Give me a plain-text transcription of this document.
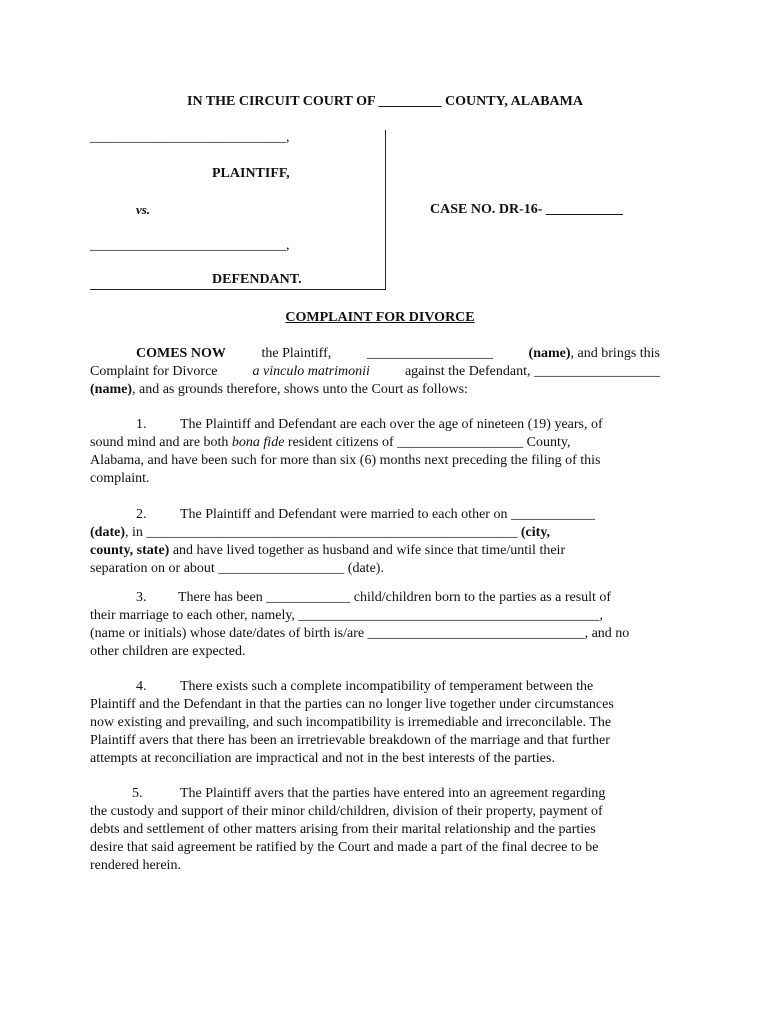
IN THE CIRCUIT COURT OF _________ COUNTY, ALABAMA
____________________________,
PLAINTIFF,
vs.
____________________________,
DEFENDANT.
CASE NO. DR-16- ___________
COMPLAINT FOR DIVORCE
COMES NOW	the Plaintiff,	__________________	(name), and brings this
Complaint for Divorce a vinculo matrimonii against the Defendant, __________________
(name), and as grounds therefore, shows unto the Court as follows:
1. The Plaintiff and Defendant are each over the age of nineteen (19) years, of
sound mind and are both bona fide resident citizens of __________________ County,
Alabama, and have been such for more than six (6) months next preceding the filing of this
complaint.
2. The Plaintiff and Defendant were married to each other on ____________
(date), in _____________________________________________________ (city,
county, state) and have lived together as husband and wife since that time/until their
separation on or about __________________ (date).
3. There has been ____________ child/children born to the parties as a result of
their marriage to each other, namely, ___________________________________________,
(name or initials) whose date/dates of birth is/are _______________________________, and no
other children are expected.
4. There exists such a complete incompatibility of temperament between the
Plaintiff and the Defendant in that the parties can no longer live together under circumstances
now existing and prevailing, and such incompatibility is irremediable and irreconcilable. The
Plaintiff avers that there has been an irretrievable breakdown of the marriage and that further
attempts at reconciliation are impractical and not in the best interests of the parties.
5.	The Plaintiff avers that the parties have entered into an agreement regarding
the custody and support of their minor child/children, division of their property, payment of
debts and settlement of other matters arising from their marital relationship and the parties
desire that said agreement be ratified by the Court and made a part of the final decree to be
rendered herein.
